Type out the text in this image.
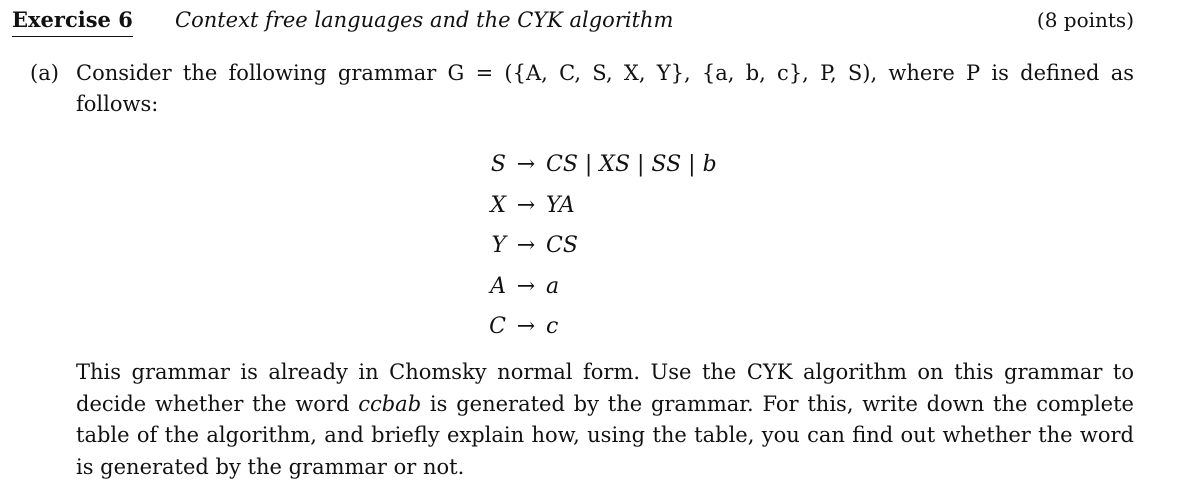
Exercise 6 Context free languages and the CYK algorithm	(8 points)
(a) Consider the following grammar G = ({A, C, S, X, Y}, {a, b, c}, P, S), where P is defined as
follows:
S → CS | XS | SS | b
X → YA
Y → CS
A → a
C → c
This grammar is already in Chomsky normal form. Use the CYK algorithm on this grammar to decide whether the word ccbab is generated by the grammar. For this, write down the complete table of the algorithm, and briefly explain how, using the table, you can find out whether the word is generated by the grammar or not.
